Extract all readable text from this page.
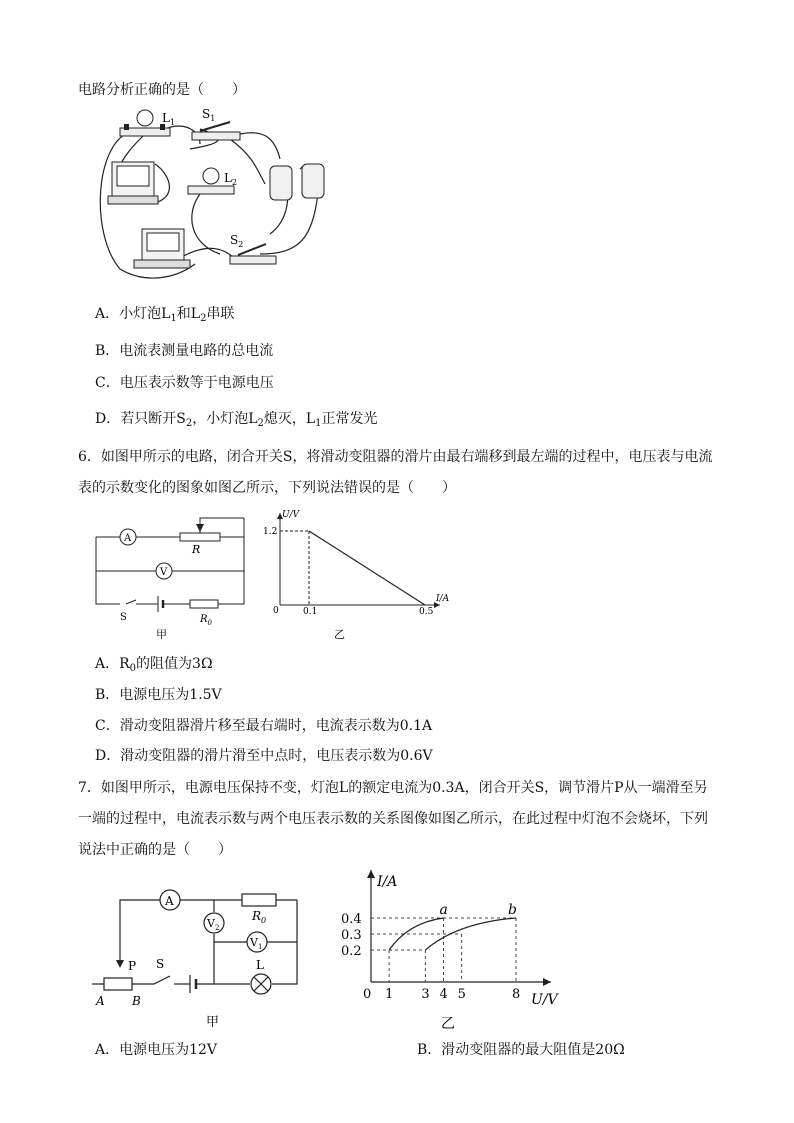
电路分析正确的是（　　）
$L_1$
$S_1$
$L_2$
$S_2$
A．小灯泡$L_1$和$L_2$串联
B．电流表测量电路的总电流
C．电压表示数等于电源电压
D．若只断开$S_2$，小灯泡$L_2$熄灭，$L_1$正常发光
6．如图甲所示的电路，闭合开关S，将滑动变阻器的滑片由最右端移到最左端的过程中，电压表与电流
表的示数变化的图象如图乙所示，下列说法错误的是（　　）
A
R
V
S	$R_0$
甲
U/V
I/A
0
1.2
0.1	0.5
乙
A．$R_0$的阻值为3Ω
B．电源电压为1.5V
C．滑动变阻器滑片移至最右端时，电流表示数为0.1A
D．滑动变阻器的滑片滑至中点时，电压表示数为0.6V
7．如图甲所示，电源电压保持不变，灯泡L的额定电流为0.3A，闭合开关S，调节滑片P从一端滑至另
一端的过程中，电流表示数与两个电压表示数的关系图像如图乙所示，在此过程中灯泡不会烧坏，下列
说法中正确的是（　　）
A
$R_0$
$V_2$
$V_1$
L
P S
A B
甲
I/A
U/V
0
0.4
0.3
0.2
1 3 4 5	8
a	b
乙
A．电源电压为12V	B．滑动变阻器的最大阻值是20Ω
